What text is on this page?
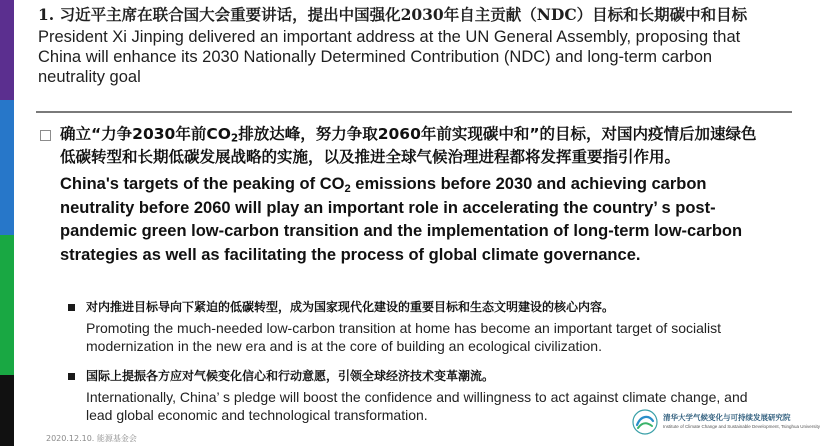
1. 习近平主席在联合国大会重要讲话，提出中国强化2030年自主贡献（NDC）目标和长期碳中和目标

President Xi Jinping delivered an important address at the UN General Assembly, proposing that China will enhance its 2030 Nationally Determined Contribution (NDC) and long-term carbon neutrality goal

确立“力争2030年前$CO_2$排放达峰，努力争取2060年前实现碳中和”的目标，对国内疫情后加速绿色低碳转型和长期低碳发展战略的实施，以及推进全球气候治理进程都将发挥重要指引作用。

China's targets of the peaking of $CO_2$ emissions before 2030 and achieving carbon neutrality before 2060 will play an important role in accelerating the country’ s post-pandemic green low-carbon transition and the implementation of long-term low-carbon strategies as well as facilitating the process of global climate governance.

对内推进目标导向下紧迫的低碳转型，成为国家现代化建设的重要目标和生态文明建设的核心内容。

Promoting the much-needed low-carbon transition at home has become an important target of socialist modernization in the new era and is at the core of building an ecological civilization.

国际上提振各方应对气候变化信心和行动意愿，引领全球经济技术变革潮流。

Internationally, China’ s pledge will boost the confidence and willingness to act against climate change, and lead global economic and technological transformation.

2020.12.10. 能源基金会
清华大学气候变化与可持续发展研究院
Institute of Climate Change and Sustainable Development, Tsinghua University
